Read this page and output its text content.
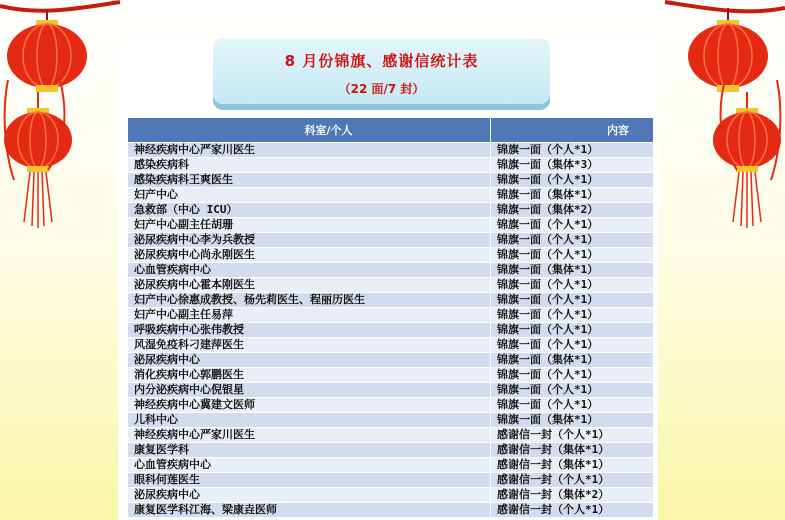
8 月份锦旗、感谢信统计表
（22 面/7 封）
科室/个人	内容
神经疾病中心严家川医生	锦旗一面（个人*1）
感染疾病科	锦旗一面（集体*3）
感染疾病科王爽医生	锦旗一面（个人*1）
妇产中心	锦旗一面（集体*1）
急救部（中心 ICU）	锦旗一面（集体*2）
妇产中心副主任胡珊	锦旗一面（个人*1）
泌尿疾病中心李为兵教授	锦旗一面（个人*1）
泌尿疾病中心尚永刚医生	锦旗一面（个人*1）
心血管疾病中心	锦旗一面（集体*1）
泌尿疾病中心霍本刚医生	锦旗一面（个人*1）
妇产中心徐惠成教授、杨先莉医生、程丽历医生	锦旗一面（个人*1）
妇产中心副主任易萍	锦旗一面（个人*1）
呼吸疾病中心张伟教授	锦旗一面（个人*1）
风湿免疫科刁建萍医生	锦旗一面（个人*1）
泌尿疾病中心	锦旗一面（集体*1）
消化疾病中心郭鹏医生	锦旗一面（个人*1）
内分泌疾病中心倪银星	锦旗一面（个人*1）
神经疾病中心冀建文医师	锦旗一面（个人*1）
儿科中心	锦旗一面（集体*1）
神经疾病中心严家川医生	感谢信一封（个人*1）
康复医学科	感谢信一封（集体*1）
心血管疾病中心	感谢信一封（集体*1）
眼科何莲医生	感谢信一封（个人*1）
泌尿疾病中心	感谢信一封（集体*2）
康复医学科江海、梁康垚医师	感谢信一封（个人*1）
